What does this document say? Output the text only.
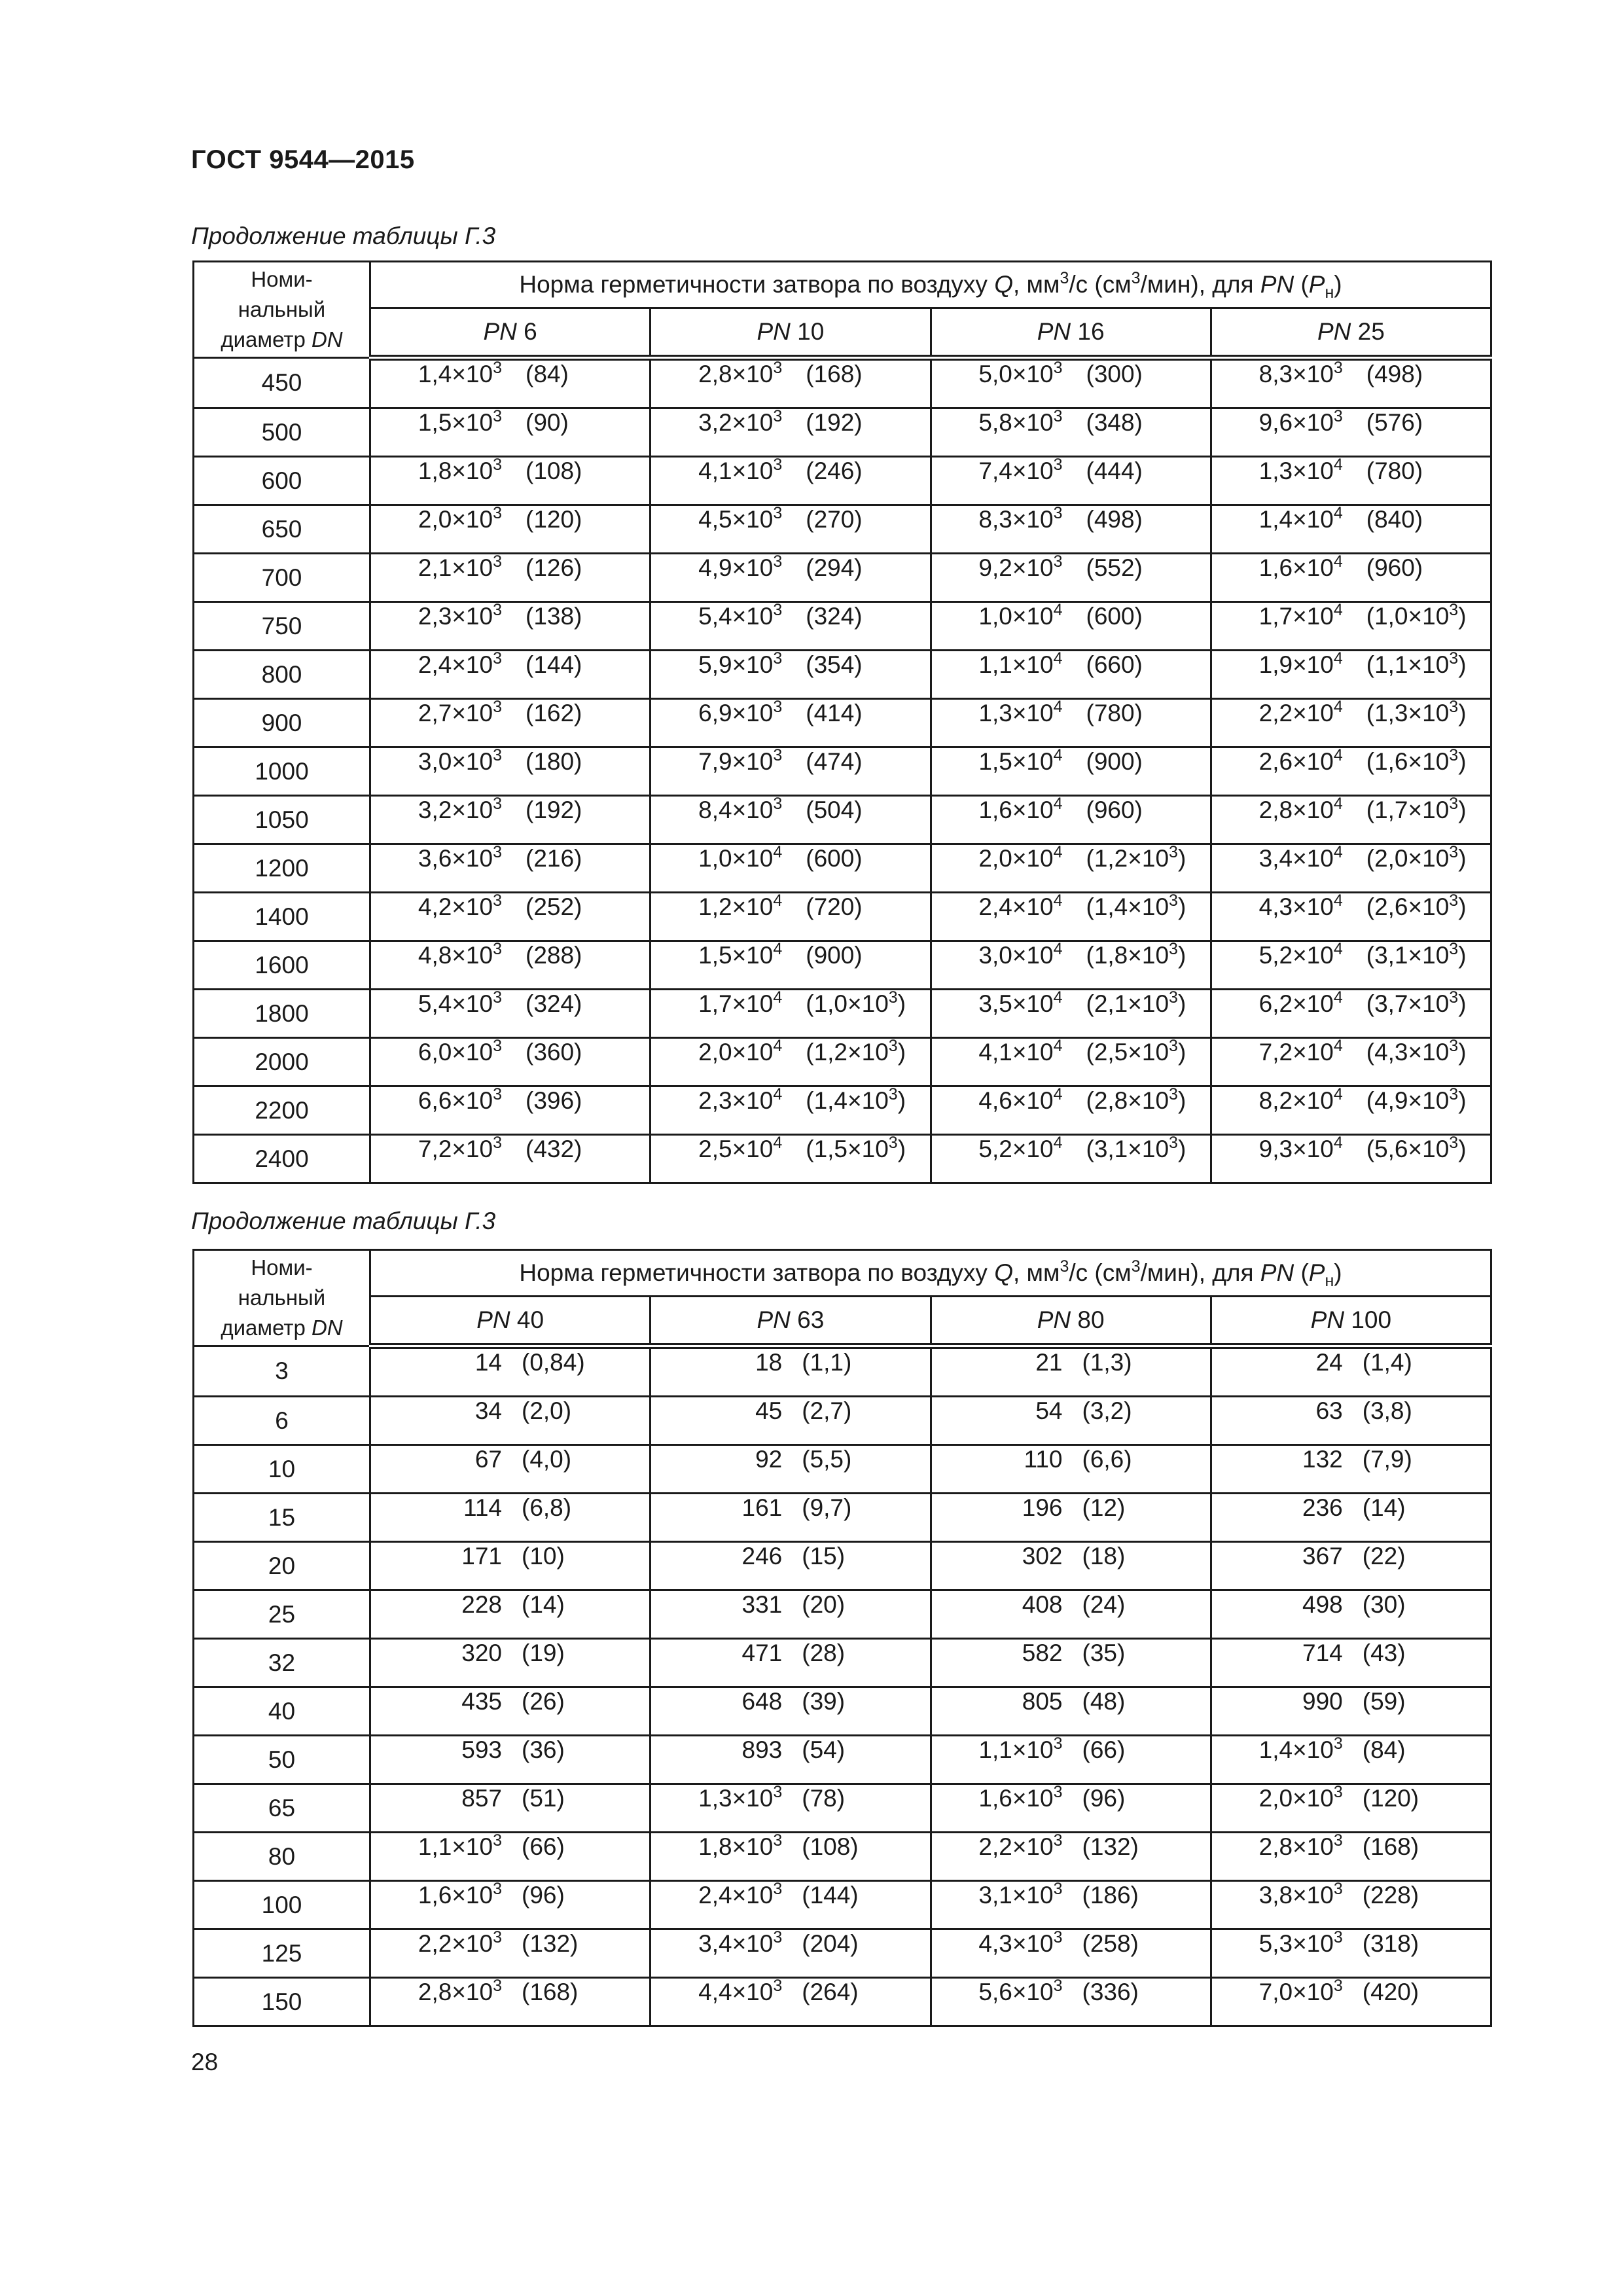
ГОСТ 9544—2015
Продолжение таблицы Г.3
Номи-
нальный
диаметр DN	Норма герметичности затвора по воздуху Q, $мм^3/с$ $(см^3/мин)$, для PN $(P_н)$			
	PN 6	PN 10	PN 16	PN 25
450	$1,4\times 10^3$ (84)	$2,8\times 10^3$ (168)	$5,0\times 10^3$ (300)	$8,3\times 10^3$ (498)

500	$1,5\times 10^3$ (90)	$3,2\times 10^3$ (192)	$5,8\times 10^3$ (348)	$9,6\times 10^3$ (576)

600	$1,8\times 10^3$ (108)	$4,1\times 10^3$ (246)	$7,4\times 10^3$ (444)	$1,3\times 10^4$ (780)

650	$2,0\times 10^3$ (120)	$4,5\times 10^3$ (270)	$8,3\times 10^3$ (498)	$1,4\times 10^4$ (840)

700	$2,1\times 10^3$ (126)	$4,9\times 10^3$ (294)	$9,2\times 10^3$ (552)	$1,6\times 10^4$ (960)

750	$2,3\times 10^3$ (138)	$5,4\times 10^3$ (324)	$1,0\times 10^4$ (600)	$1,7\times 10^4$ $(1,0\times 10^3)$

800	$2,4\times 10^3$ (144)	$5,9\times 10^3$ (354)	$1,1\times 10^4$ (660)	$1,9\times 10^4$ $(1,1\times 10^3)$

900	$2,7\times 10^3$ (162)	$6,9\times 10^3$ (414)	$1,3\times 10^4$ (780)	$2,2\times 10^4$ $(1,3\times 10^3)$

1000	$3,0\times 10^3$ (180)	$7,9\times 10^3$ (474)	$1,5\times 10^4$ (900)	$2,6\times 10^4$ $(1,6\times 10^3)$

1050	$3,2\times 10^3$ (192)	$8,4\times 10^3$ (504)	$1,6\times 10^4$ (960)	$2,8\times 10^4$ $(1,7\times 10^3)$

1200	$3,6\times 10^3$ (216)	$1,0\times 10^4$ (600)	$2,0\times 10^4$ $(1,2\times 10^3)$	$3,4\times 10^4$ $(2,0\times 10^3)$

1400	$4,2\times 10^3$ (252)	$1,2\times 10^4$ (720)	$2,4\times 10^4$ $(1,4\times 10^3)$	$4,3\times 10^4$ $(2,6\times 10^3)$

1600	$4,8\times 10^3$ (288)	$1,5\times 10^4$ (900)	$3,0\times 10^4$ $(1,8\times 10^3)$	$5,2\times 10^4$ $(3,1\times 10^3)$

1800	$5,4\times 10^3$ (324)	$1,7\times 10^4$ $(1,0\times 10^3)$	$3,5\times 10^4$ $(2,1\times 10^3)$	$6,2\times 10^4$ $(3,7\times 10^3)$

2000	$6,0\times 10^3$ (360)	$2,0\times 10^4$ $(1,2\times 10^3)$	$4,1\times 10^4$ $(2,5\times 10^3)$	$7,2\times 10^4$ $(4,3\times 10^3)$

2200	$6,6\times 10^3$ (396)	$2,3\times 10^4$ $(1,4\times 10^3)$	$4,6\times 10^4$ $(2,8\times 10^3)$	$8,2\times 10^4$ $(4,9\times 10^3)$

2400	$7,2\times 10^3$ (432)	$2,5\times 10^4$ $(1,5\times 10^3)$	$5,2\times 10^4$ $(3,1\times 10^3)$	$9,3\times 10^4$ $(5,6\times 10^3)$
Продолжение таблицы Г.3
Номи-
нальный
диаметр DN	Норма герметичности затвора по воздуху Q, $мм^3/с$ $(см^3/мин)$, для PN $(P_н)$			
	PN 40	PN 63	PN 80	PN 100
3	14 (0,84)	18 (1,1)	21 (1,3)	24 (1,4)

6	34 (2,0)	45 (2,7)	54 (3,2)	63 (3,8)

10	67 (4,0)	92 (5,5)	110 (6,6)	132 (7,9)

15	114 (6,8)	161 (9,7)	196 (12)	236 (14)

20	171 (10)	246 (15)	302 (18)	367 (22)

25	228 (14)	331 (20)	408 (24)	498 (30)

32	320 (19)	471 (28)	582 (35)	714 (43)

40	435 (26)	648 (39)	805 (48)	990 (59)

50	593 (36)	893 (54)	$1,1\times 10^3$ (66)	$1,4\times 10^3$ (84)

65	857 (51)	$1,3\times 10^3$ (78)	$1,6\times 10^3$ (96)	$2,0\times 10^3$ (120)

80	$1,1\times 10^3$ (66)	$1,8\times 10^3$ (108)	$2,2\times 10^3$ (132)	$2,8\times 10^3$ (168)

100	$1,6\times 10^3$ (96)	$2,4\times 10^3$ (144)	$3,1\times 10^3$ (186)	$3,8\times 10^3$ (228)

125	$2,2\times 10^3$ (132)	$3,4\times 10^3$ (204)	$4,3\times 10^3$ (258)	$5,3\times 10^3$ (318)

150	$2,8\times 10^3$ (168)	$4,4\times 10^3$ (264)	$5,6\times 10^3$ (336)	$7,0\times 10^3$ (420)
28
